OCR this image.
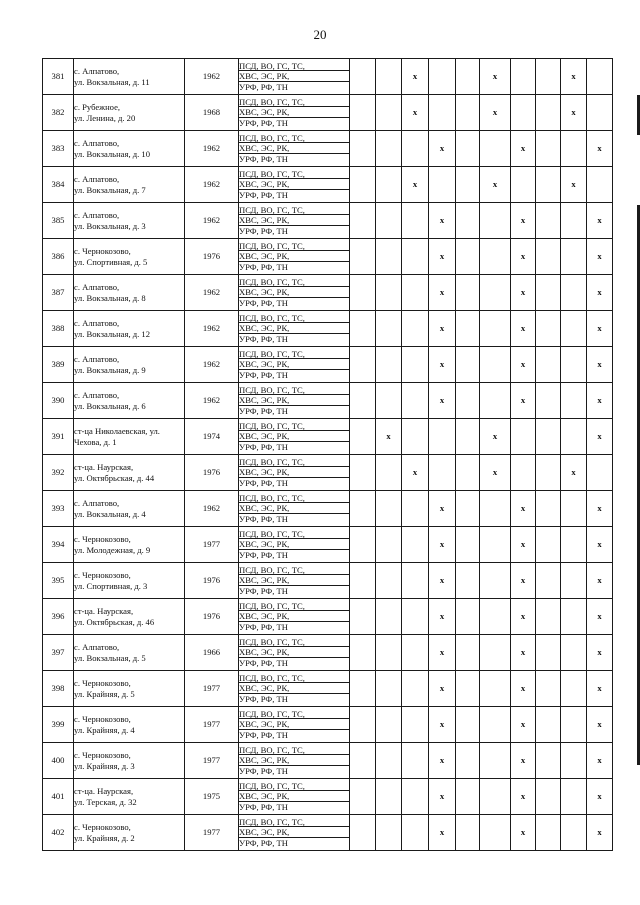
20
381	с. Алпатово,
ул. Вокзальная, д. 11	1962	ПСД, ВО, ГС, ТС,
ХВС, ЭС, РК,
УРФ, РФ, ТН			x			x			x	
382	с. Рубежное,
ул. Ленина, д. 20	1968	ПСД, ВО, ГС, ТС,
ХВС, ЭС, РК,
УРФ, РФ, ТН			x			x			x	
383	с. Алпатово,
ул. Вокзальная, д. 10	1962	ПСД, ВО, ГС, ТС,
ХВС, ЭС, РК,
УРФ, РФ, ТН				x			x			x
384	с. Алпатово,
ул. Вокзальная, д. 7	1962	ПСД, ВО, ГС, ТС,
ХВС, ЭС, РК,
УРФ, РФ, ТН			x			x			x	
385	с. Алпатово,
ул. Вокзальная, д. 3	1962	ПСД, ВО, ГС, ТС,
ХВС, ЭС, РК,
УРФ, РФ, ТН				x			x			x
386	с. Чернокозово,
ул. Спортивная, д. 5	1976	ПСД, ВО, ГС, ТС,
ХВС, ЭС, РК,
УРФ, РФ, ТН				x			x			x
387	с. Алпатово,
ул. Вокзальная, д. 8	1962	ПСД, ВО, ГС, ТС,
ХВС, ЭС, РК,
УРФ, РФ, ТН				x			x			x
388	с. Алпатово,
ул. Вокзальная, д. 12	1962	ПСД, ВО, ГС, ТС,
ХВС, ЭС, РК,
УРФ, РФ, ТН				x			x			x
389	с. Алпатово,
ул. Вокзальная, д. 9	1962	ПСД, ВО, ГС, ТС,
ХВС, ЭС, РК,
УРФ, РФ, ТН				x			x			x
390	с. Алпатово,
ул. Вокзальная, д. 6	1962	ПСД, ВО, ГС, ТС,
ХВС, ЭС, РК,
УРФ, РФ, ТН				x			x			x
391	ст-ца Николаевская, ул.
Чехова, д. 1	1974	ПСД, ВО, ГС, ТС,
ХВС, ЭС, РК,
УРФ, РФ, ТН		x				x				x
392	ст-ца. Наурская,
ул. Октябрьская, д. 44	1976	ПСД, ВО, ГС, ТС,
ХВС, ЭС, РК,
УРФ, РФ, ТН			x			x			x	
393	с. Алпатово,
ул. Вокзальная, д. 4	1962	ПСД, ВО, ГС, ТС,
ХВС, ЭС, РК,
УРФ, РФ, ТН				x			x			x
394	с. Чернокозово,
ул. Молодежная, д. 9	1977	ПСД, ВО, ГС, ТС,
ХВС, ЭС, РК,
УРФ, РФ, ТН				x			x			x
395	с. Чернокозово,
ул. Спортивная, д. 3	1976	ПСД, ВО, ГС, ТС,
ХВС, ЭС, РК,
УРФ, РФ, ТН				x			x			x
396	ст-ца. Наурская,
ул. Октябрьская, д. 46	1976	ПСД, ВО, ГС, ТС,
ХВС, ЭС, РК,
УРФ, РФ, ТН				x			x			x
397	с. Алпатово,
ул. Вокзальная, д. 5	1966	ПСД, ВО, ГС, ТС,
ХВС, ЭС, РК,
УРФ, РФ, ТН				x			x			x
398	с. Чернокозово,
ул. Крайняя, д. 5	1977	ПСД, ВО, ГС, ТС,
ХВС, ЭС, РК,
УРФ, РФ, ТН				x			x			x
399	с. Чернокозово,
ул. Крайняя, д. 4	1977	ПСД, ВО, ГС, ТС,
ХВС, ЭС, РК,
УРФ, РФ, ТН				x			x			x
400	с. Чернокозово,
ул. Крайняя, д. 3	1977	ПСД, ВО, ГС, ТС,
ХВС, ЭС, РК,
УРФ, РФ, ТН				x			x			x
401	ст-ца. Наурская,
ул. Терская, д. 32	1975	ПСД, ВО, ГС, ТС,
ХВС, ЭС, РК,
УРФ, РФ, ТН				x			x			x
402	с. Чернокозово,
ул. Крайняя, д. 2	1977	ПСД, ВО, ГС, ТС,
ХВС, ЭС, РК,
УРФ, РФ, ТН				x			x			x
